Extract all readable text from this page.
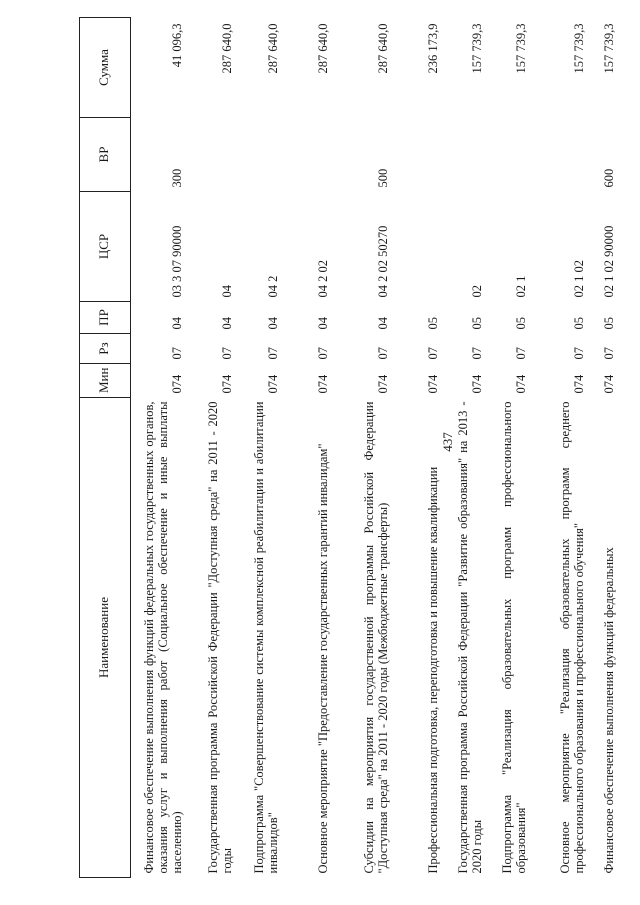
437
Наименование	Мин	Рз	ПР	ЦСР	ВР	Сумма
Финансовое обеспечение выполнения функций федеральных государственных органов, оказания услуг и выполнения работ (Социальное обеспечение и иные выплаты населению)	074	07	04	03 3 07 90000	300	41 096,3
Государственная программа Российской Федерации "Доступная среда" на 2011 - 2020 годы	074	07	04	04		287 640,0
Подпрограмма "Совершенствование системы комплексной реабилитации и абилитации инвалидов"	074	07	04	04 2		287 640,0
Основное мероприятие "Предоставление государственных гарантий инвалидам"	074	07	04	04 2 02		287 640,0
Субсидии на мероприятия государственной программы Российской Федерации "Доступная среда" на 2011 - 2020 годы (Межбюджетные трансферты)	074	07	04	04 2 02 50270	500	287 640,0
Профессиональная подготовка, переподготовка и повышение квалификации	074	07	05			236 173,9
Государственная программа Российской Федерации "Развитие образования" на 2013 - 2020 годы	074	07	05	02		157 739,3
Подпрограмма "Реализация образовательных программ профессионального образования"	074	07	05	02 1		157 739,3
Основное мероприятие "Реализация образовательных программ среднего профессионального образования и профессионального обучения"	074	07	05	02 1 02		157 739,3
Финансовое обеспечение выполнения функций федеральных	074	07	05	02 1 02 90000	600	157 739,3
